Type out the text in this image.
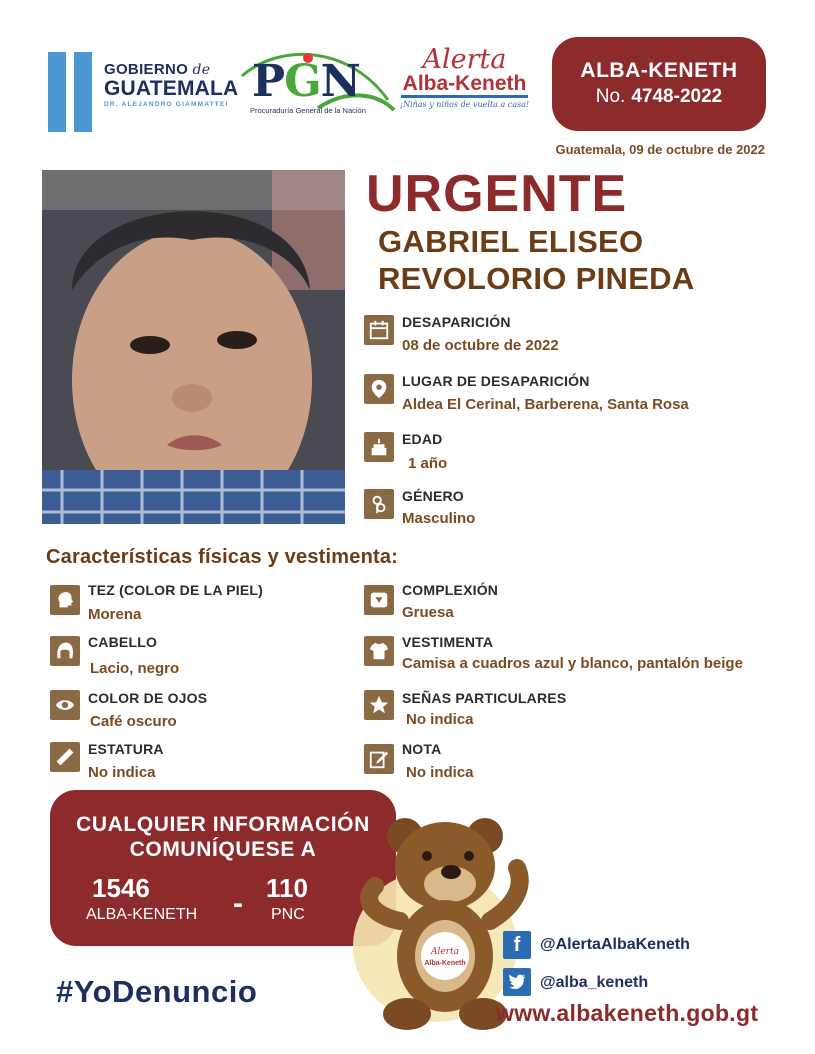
GOBIERNO de
GUATEMALA
DR. ALEJANDRO GIAMMATTEI PGN
Procuraduría General de la Nación
Alerta
Alba-Keneth
¡Niñas y niños de vuelta a casa!
ALBA-KENETH
No. 4748-2022
Guatemala, 09 de octubre de 2022
URGENTE
GABRIEL ELISEO
REVOLORIO PINEDA
DESAPARICIÓN
08 de octubre de 2022
LUGAR DE DESAPARICIÓN
Aldea El Cerinal, Barberena, Santa Rosa
EDAD
1 año
GÉNERO
Masculino
Características físicas y vestimenta:
TEZ (COLOR DE LA PIEL)
Morena
CABELLO
Lacio, negro
COLOR DE OJOS
Café oscuro
ESTATURA
No indica
COMPLEXIÓN
Gruesa
VESTIMENTA
Camisa a cuadros azul y blanco, pantalón beige
SEÑAS PARTICULARES
No indica
NOTA
No indica
CUALQUIER INFORMACIÓN
COMUNÍQUESE A
1546
ALBA-KENETH - 110
PNC
#YoDenuncio
Alerta
Alba-Keneth
f	@AlertaAlbaKeneth
@alba_keneth
www.albakeneth.gob.gt
